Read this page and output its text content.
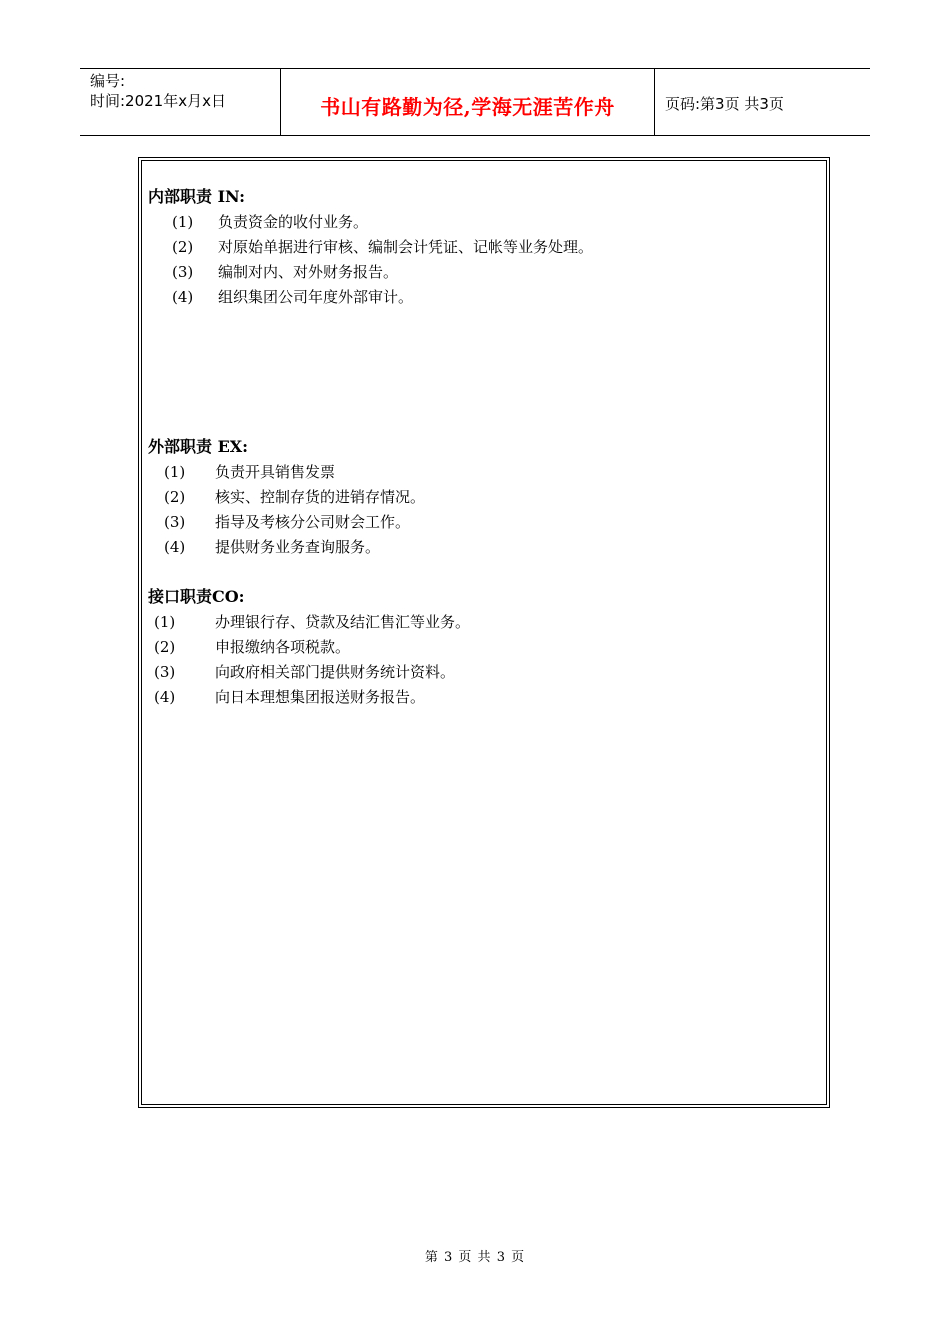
编号:
时间:2021年x月x日	书山有路勤为径,学海无涯苦作舟	页码:第3页 共3页
内部职责 IN:
(1) 负责资金的收付业务。
(2) 对原始单据进行审核、编制会计凭证、记帐等业务处理。
(3) 编制对内、对外财务报告。
(4) 组织集团公司年度外部审计。
外部职责 EX:
(1) 负责开具销售发票
(2) 核实、控制存货的进销存情况。
(3) 指导及考核分公司财会工作。
(4) 提供财务业务查询服务。
接口职责CO:
(1)	办理银行存、贷款及结汇售汇等业务。
(2)	申报缴纳各项税款。
(3)	向政府相关部门提供财务统计资料。
(4)	向日本理想集团报送财务报告。
第 3 页 共 3 页
